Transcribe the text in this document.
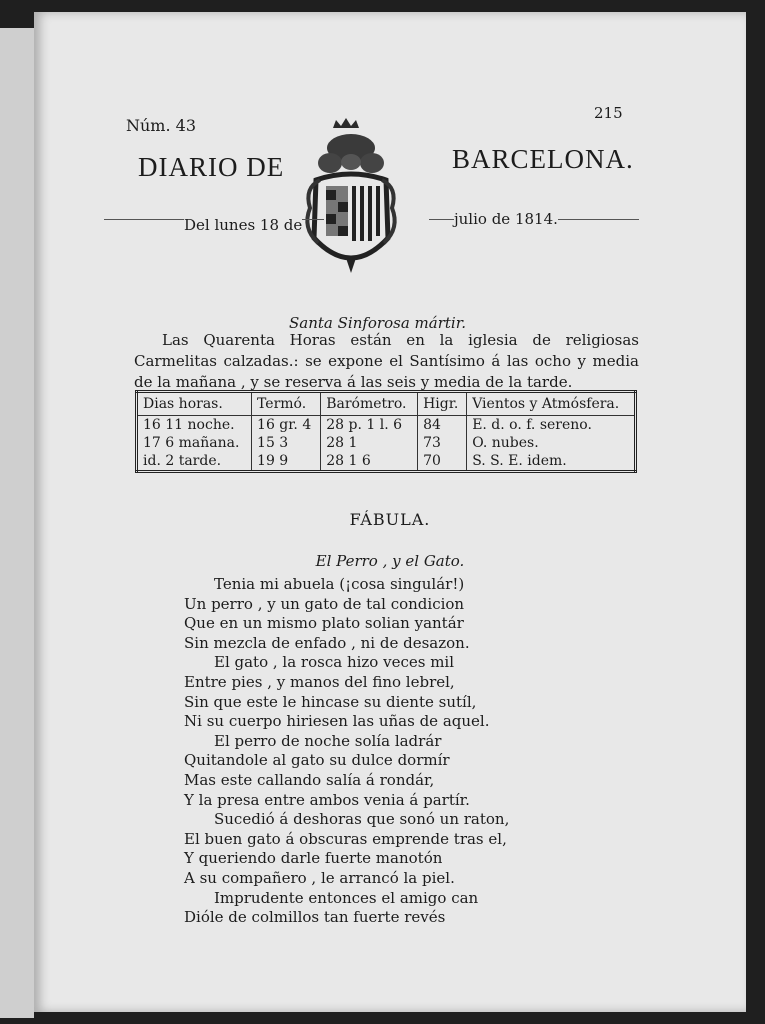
Núm. 43
215
DIARIO DE	BARCELONA.
Del lunes 18 de	julio de 1814.
Santa Sinforosa mártir.
Las Quarenta Horas están en la iglesia de religiosas Carmelitas calzadas.: se expone el Santísimo á las ocho y media de la mañana , y se reserva á las seis y media de la tarde.
Dias horas.	Termó.	Barómetro.	Higr.	Vientos y Atmósfera.
16 11 noche.	16 gr. 4	28 p. 1 l. 6	84	E. d. o. f. sereno.
17 6 mañana.	15 3	28 1	73	O. nubes.
id. 2 tarde.	19 9	28 1 6	70	S. S. E. idem.
FÁBULA.
El Perro , y el Gato.
Tenia mi abuela (¡cosa singulár!)
Un perro , y un gato de tal condicion
Que en un mismo plato solian yantár
Sin mezcla de enfado , ni de desazon.
El gato , la rosca hizo veces mil
Entre pies , y manos del fino lebrel,
Sin que este le hincase su diente sutíl,
Ni su cuerpo hiriesen las uñas de aquel.
El perro de noche solía ladrár
Quitandole al gato su dulce dormír
Mas este callando salía á rondár,
Y la presa entre ambos venia á partír.
Sucedió á deshoras que sonó un raton,
El buen gato á obscuras emprende tras el,
Y queriendo darle fuerte manotón
A su compañero , le arrancó la piel.
Imprudente entonces el amigo can
Dióle de colmillos tan fuerte revés
